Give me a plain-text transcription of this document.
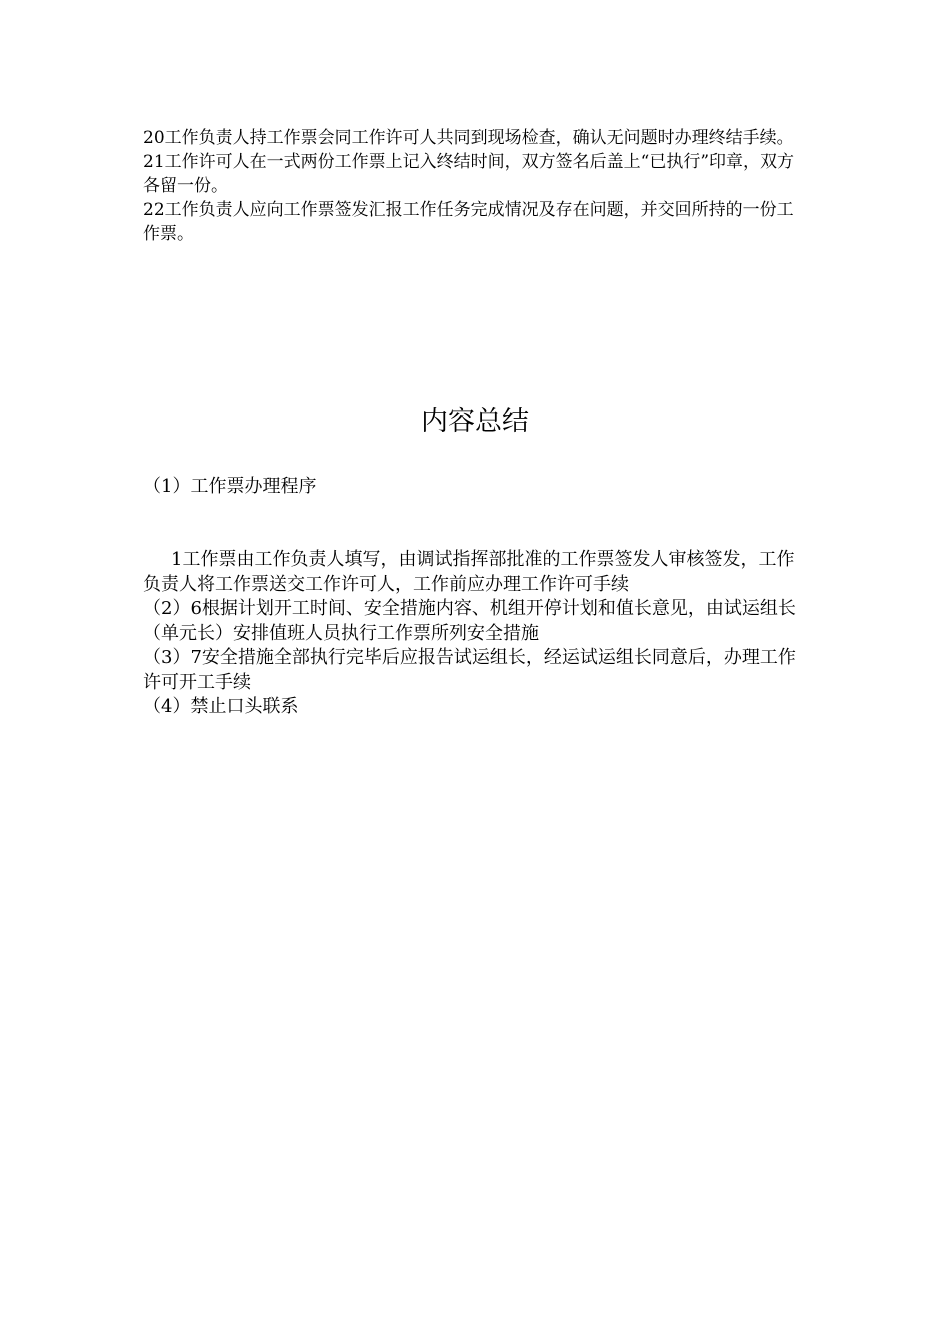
20工作负责人持工作票会同工作许可人共同到现场检查，确认无问题时办理终结手续。

21工作许可人在一式两份工作票上记入终结时间，双方签名后盖上“已执行”印章，双方各留一份。

22工作负责人应向工作票签发汇报工作任务完成情况及存在问题，并交回所持的一份工作票。

内容总结

（1）工作票办理程序

1工作票由工作负责人填写，由调试指挥部批准的工作票签发人审核签发，工作负责人将工作票送交工作许可人，工作前应办理工作许可手续

（2）6根据计划开工时间、安全措施内容、机组开停计划和值长意见，由试运组长（单元长）安排值班人员执行工作票所列安全措施

（3）7安全措施全部执行完毕后应报告试运组长，经运试运组长同意后，办理工作许可开工手续

（4）禁止口头联系
